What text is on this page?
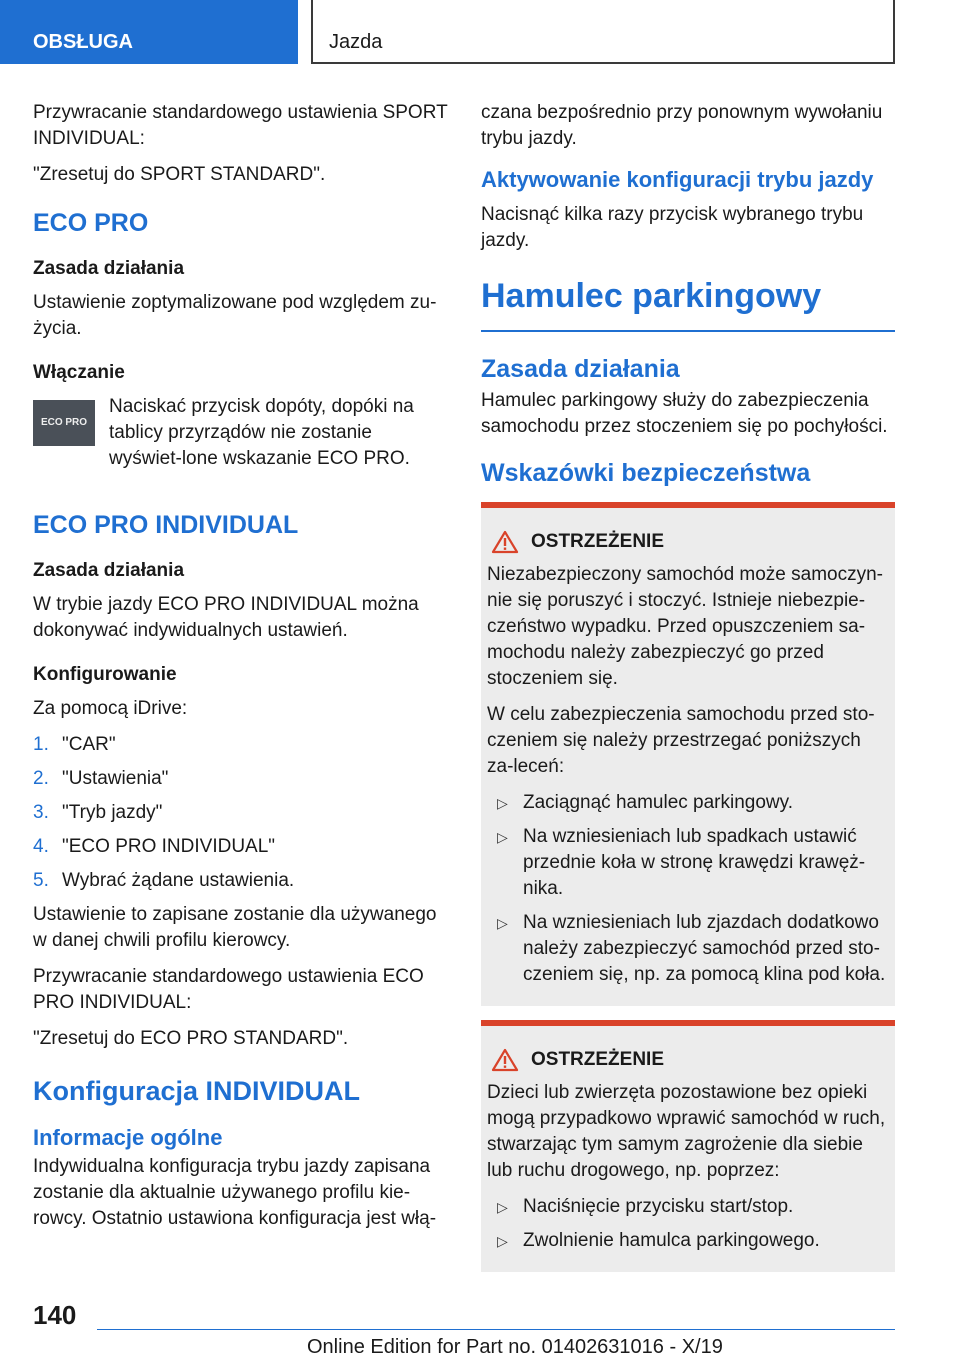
OBSŁUGA	Jazda

Przywracanie standardowego ustawienia SPORT INDIVIDUAL:

"Zresetuj do SPORT STANDARD".

ECO PRO
Zasada działania

Ustawienie zoptymalizowane pod względem zu-życia.

Włączanie
ECO PRO

Naciskać przycisk dopóty, dopóki na tablicy przyrządów nie zostanie wyświet-lone wskazanie ECO PRO.

ECO PRO INDIVIDUAL
Zasada działania

W trybie jazdy ECO PRO INDIVIDUAL można dokonywać indywidualnych ustawień.

Konfigurowanie

Za pomocą iDrive:

1. "CAR"
2. "Ustawienia"
3. "Tryb jazdy"
4. "ECO PRO INDIVIDUAL"
5. Wybrać żądane ustawienia.

Ustawienie to zapisane zostanie dla używanego w danej chwili profilu kierowcy.

Przywracanie standardowego ustawienia ECO PRO INDIVIDUAL:

"Zresetuj do ECO PRO STANDARD".

Konfiguracja INDIVIDUAL
Informacje ogólne

Indywidualna konfiguracja trybu jazdy zapisana zostanie dla aktualnie używanego profilu kie-rowcy. Ostatnio ustawiona konfiguracja jest włą-

czana bezpośrednio przy ponownym wywołaniu trybu jazdy.

Aktywowanie konfiguracji trybu jazdy

Nacisnąć kilka razy przycisk wybranego trybu jazdy.

Hamulec parkingowy
Zasada działania

Hamulec parkingowy służy do zabezpieczenia samochodu przez stoczeniem się po pochyłości.

Wskazówki bezpieczeństwa
OSTRZEŻENIE

Niezabezpieczony samochód może samoczyn-nie się poruszyć i stoczyć. Istnieje niebezpie-czeństwo wypadku. Przed opuszczeniem sa-mochodu należy zabezpieczyć go przed stoczeniem się.

W celu zabezpieczenia samochodu przed sto-czeniem się należy przestrzegać poniższych za-leceń:

▷ Zaciągnąć hamulec parkingowy.
▷ Na wzniesieniach lub spadkach ustawić przednie koła w stronę krawędzi krawęż-nika.
▷ Na wzniesieniach lub zjazdach dodatkowo należy zabezpieczyć samochód przed sto-czeniem się, np. za pomocą klina pod koła.
OSTRZEŻENIE

Dzieci lub zwierzęta pozostawione bez opieki mogą przypadkowo wprawić samochód w ruch, stwarzając tym samym zagrożenie dla siebie lub ruchu drogowego, np. poprzez:

▷ Naciśnięcie przycisku start/stop.
▷ Zwolnienie hamulca parkingowego.
140
Online Edition for Part no. 01402631016 - X/19
